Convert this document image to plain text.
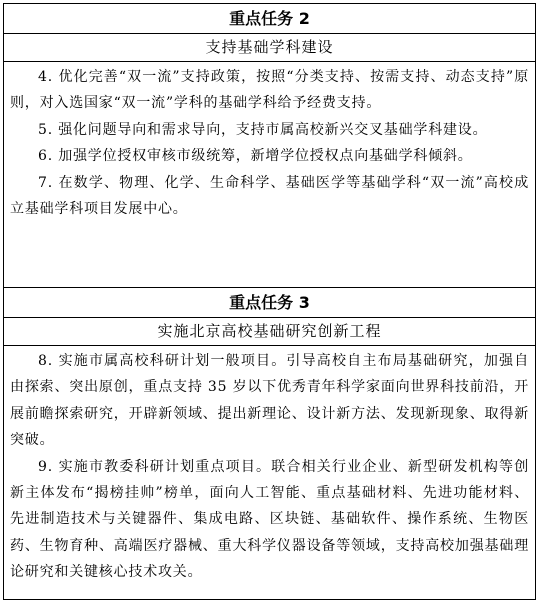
重点任务 2
支持基础学科建设

4. 优化完善“双一流”支持政策，按照“分类支持、按需支持、动态支持”原则，对入选国家“双一流”学科的基础学科给予经费支持。

5. 强化问题导向和需求导向，支持市属高校新兴交叉基础学科建设。

6. 加强学位授权审核市级统筹，新增学位授权点向基础学科倾斜。

7. 在数学、物理、化学、生命科学、基础医学等基础学科“双一流”高校成立基础学科项目发展中心。

重点任务 3
实施北京高校基础研究创新工程

8. 实施市属高校科研计划一般项目。引导高校自主布局基础研究，加强自由探索、突出原创，重点支持 35 岁以下优秀青年科学家面向世界科技前沿，开展前瞻探索研究，开辟新领域、提出新理论、设计新方法、发现新现象、取得新突破。

9. 实施市教委科研计划重点项目。联合相关行业企业、新型研发机构等创新主体发布“揭榜挂帅”榜单，面向人工智能、重点基础材料、先进功能材料、先进制造技术与关键器件、集成电路、区块链、基础软件、操作系统、生物医药、生物育种、高端医疗器械、重大科学仪器设备等领域，支持高校加强基础理论研究和关键核心技术攻关。
